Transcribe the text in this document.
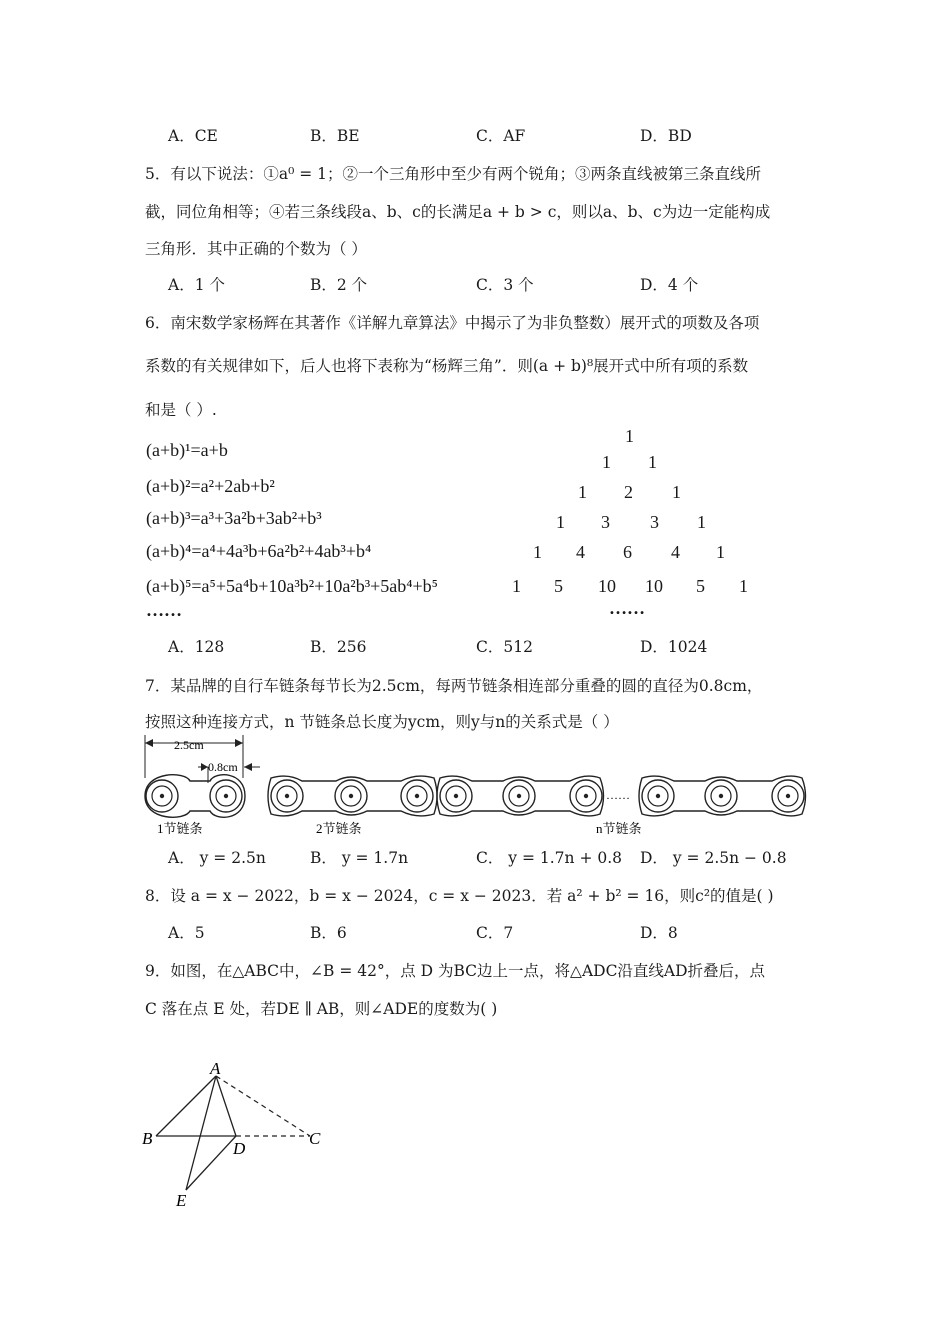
A．CE	B．BE	C．AF	D．BD
5．有以下说法：①a⁰ = 1；②一个三角形中至少有两个锐角；③两条直线被第三条直线所
截，同位角相等；④若三条线段a、b、c的长满足a + b > c，则以a、b、c为边一定能构成
三角形．其中正确的个数为（ ）
A．1 个	B．2 个	C．3 个	D．4 个
6．南宋数学家杨辉在其著作《详解九章算法》中揭示了为非负整数）展开式的项数及各项
系数的有关规律如下，后人也将下表称为“杨辉三角”．则(a + b)⁸展开式中所有项的系数
和是（ ）.
(a+b)¹=a+b
(a+b)²=a²+2ab+b²
(a+b)³=a³+3a²b+3ab²+b³
(a+b)⁴=a⁴+4a³b+6a²b²+4ab³+b⁴
(a+b)⁵=a⁵+5a⁴b+10a³b²+10a²b³+5ab⁴+b⁵
……
1
1 1
1 2 1
1 3 3 1
1 4 6 4 1
1 5 10 10 5 1
……
A．128	B．256	C．512	D．1024
7．某品牌的自行车链条每节长为2.5cm，每两节链条相连部分重叠的圆的直径为0.8cm，
按照这种连接方式，n 节链条总长度为ycm，则y与n的关系式是（ ）
2.5cm
0.8cm
……
1节链条	2节链条	n节链条
A． y = 2.5n	B． y = 1.7n	C． y = 1.7n + 0.8 D． y = 2.5n − 0.8
8．设 a = x − 2022，b = x − 2024，c = x − 2023．若 a² + b² = 16，则c²的值是( )
A．5	B．6	C．7	D．8
9．如图，在△ABC中，∠B = 42°，点 D 为BC边上一点，将△ADC沿直线AD折叠后，点
C 落在点 E 处，若DE ∥ AB，则∠ADE的度数为( )
A
B	C
D
E
